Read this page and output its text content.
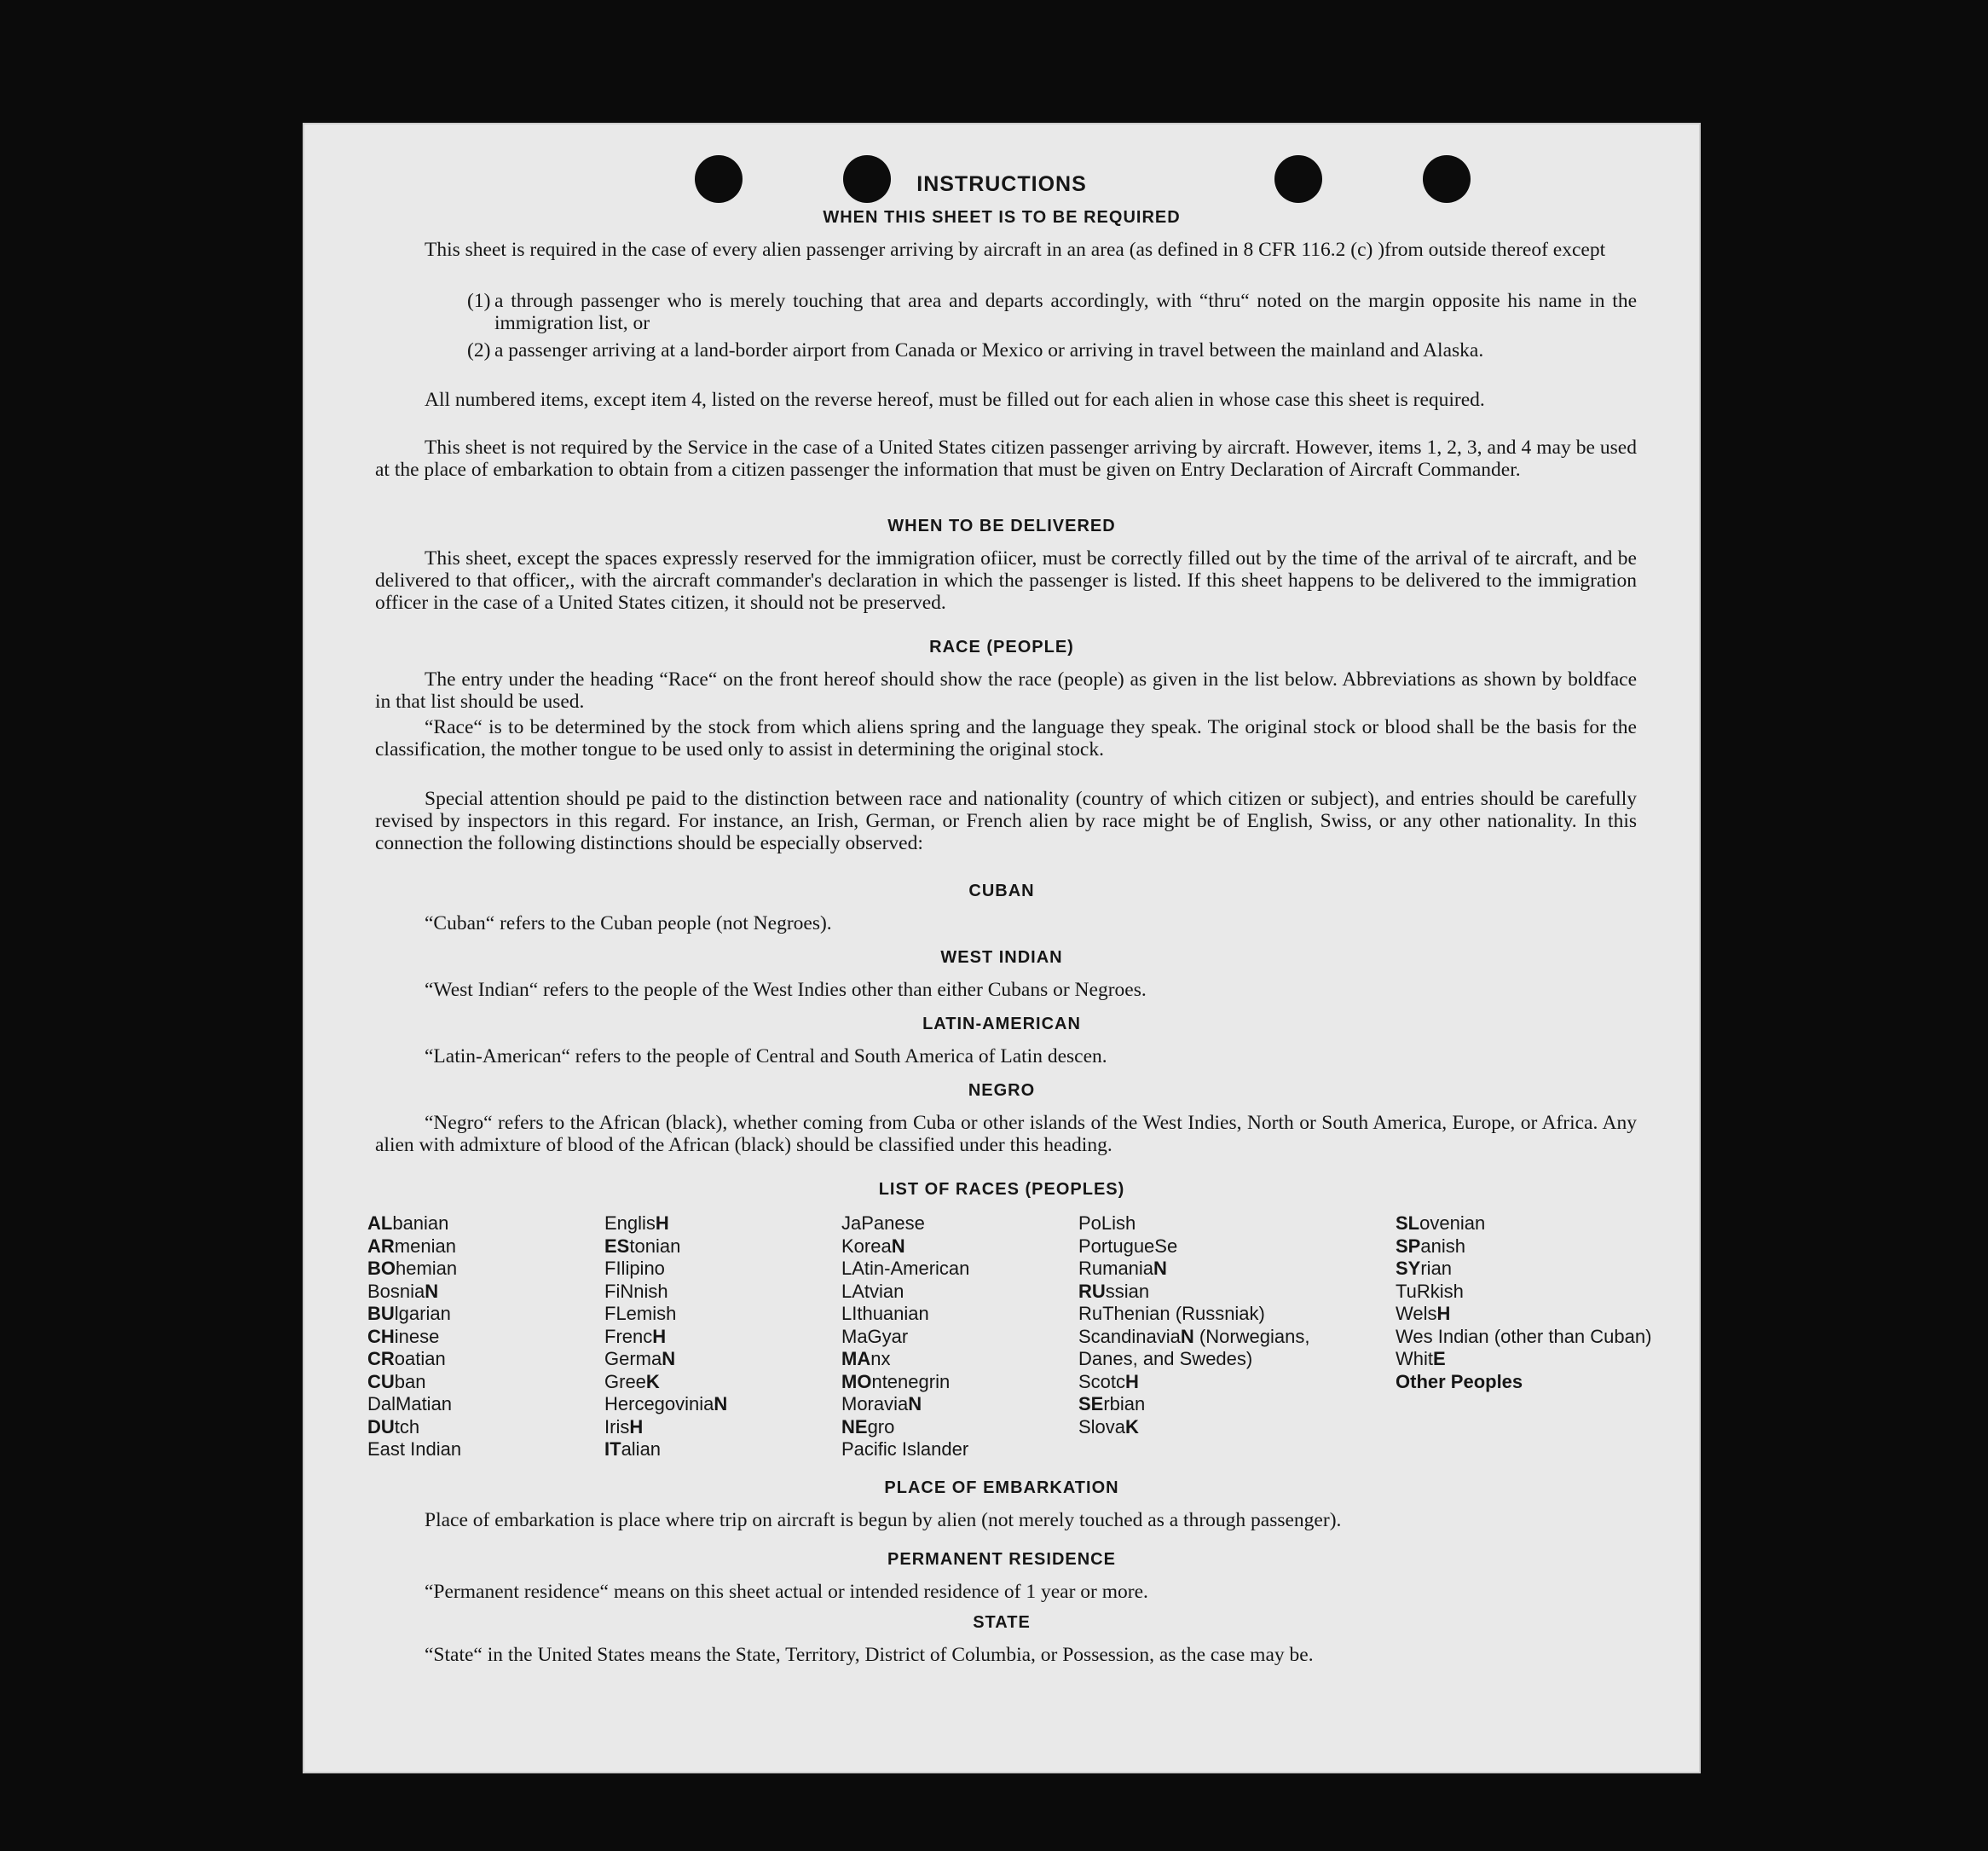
INSTRUCTIONS
WHEN THIS SHEET IS TO BE REQUIRED
This sheet is required in the case of every alien passenger arriving by aircraft in an area (as defined in 8 CFR 116.2 (c) )from outside thereof except
(1) a through passenger who is merely touching that area and departs accordingly, with “thru“ noted on the margin opposite his name in the immigration list, or
(2) a passenger arriving at a land-border airport from Canada or Mexico or arriving in travel between the mainland and Alaska.
All numbered items, except item 4, listed on the reverse hereof, must be filled out for each alien in whose case this sheet is required.
This sheet is not required by the Service in the case of a United States citizen passenger arriving by aircraft. However, items 1, 2, 3, and 4 may be used at the place of embarkation to obtain from a citizen passenger the information that must be given on Entry Declaration of Aircraft Commander.
WHEN TO BE DELIVERED
This sheet, except the spaces expressly reserved for the immigration ofiicer, must be correctly filled out by the time of the arrival of te aircraft, and be delivered to that officer,, with the aircraft commander's declaration in which the passenger is listed. If this sheet happens to be delivered to the immigration officer in the case of a United States citizen, it should not be preserved.
RACE (PEOPLE)
The entry under the heading “Race“ on the front hereof should show the race (people) as given in the list below. Abbreviations as shown by boldface in that list should be used.
“Race“ is to be determined by the stock from which aliens spring and the language they speak. The original stock or blood shall be the basis for the classification, the mother tongue to be used only to assist in determining the original stock.
Special attention should pe paid to the distinction between race and nationality (country of which citizen or subject), and entries should be carefully revised by inspectors in this regard. For instance, an Irish, German, or French alien by race might be of English, Swiss, or any other nationality. In this connection the following distinctions should be especially observed:
CUBAN
“Cuban“ refers to the Cuban people (not Negroes).
WEST INDIAN
“West Indian“ refers to the people of the West Indies other than either Cubans or Negroes.
LATIN-AMERICAN
“Latin-American“ refers to the people of Central and South America of Latin descen.
NEGRO
“Negro“ refers to the African (black), whether coming from Cuba or other islands of the West Indies, North or South America, Europe, or Africa. Any alien with admixture of blood of the African (black) should be classified under this heading.
LIST OF RACES (PEOPLES)
ALbanian
ARmenian
BOhemian
BosniaN
BUlgarian
CHinese
CRoatian
CUban
DalMatian
DUtch
East Indian
EnglisH
EStonian
FIlipino
FiNnish
FLemish
FrencH
GermaN
GreeK
HercegoviniaN
IrisH
ITalian
JaPanese
KoreaN
LAtin-American
LAtvian
LIthuanian
MaGyar
MAnx
MOntenegrin
MoraviaN
NEgro
Pacific Islander
PoLish
PortugueSe
RumaniaN
RUssian
RuThenian (Russniak)
ScandinaviaN (Norwegians, Danes, and Swedes)
ScotcH
SErbian
SlovaK
SLovenian
SPanish
SYrian
TuRkish
WelsH
Wes Indian (other than Cuban)
WhitE
Other Peoples
PLACE OF EMBARKATION
Place of embarkation is place where trip on aircraft is begun by alien (not merely touched as a through passenger).
PERMANENT RESIDENCE
“Permanent residence“ means on this sheet actual or intended residence of 1 year or more.
STATE
“State“ in the United States means the State, Territory, District of Columbia, or Possession, as the case may be.
